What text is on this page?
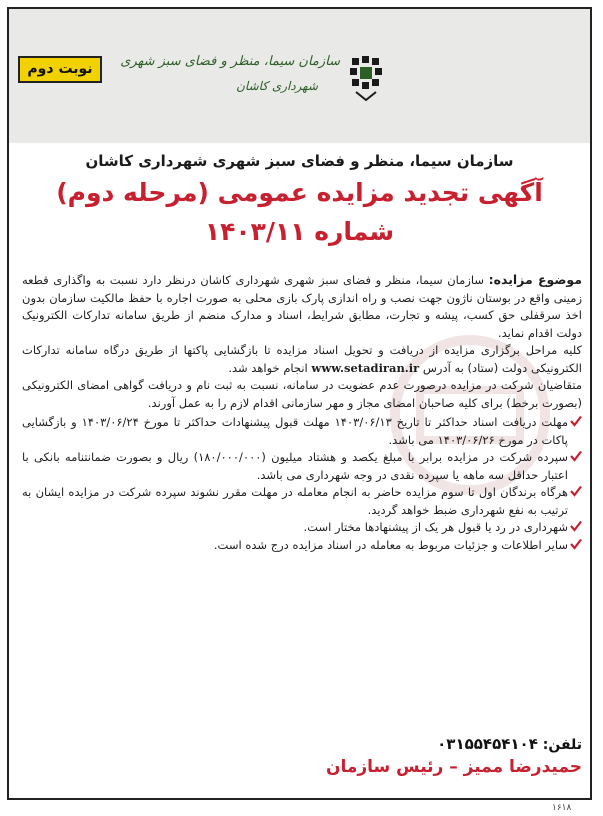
نوبت دوم	سازمان سیما، منظر و فضای سبز شهری
شهرداری کاشان
سازمان سیما، منظر و فضای سبز شهری شهرداری کاشان
آگهی تجدید مزایده عمومی (مرحله دوم)
شماره ۱۴۰۳/۱۱

موضوع مزایده: سازمان سیما، منظر و فضای سبز شهری شهرداری کاشان درنظر دارد نسبت به واگذاری قطعه زمینی واقع در بوستان ناژون جهت نصب و راه اندازی پارک بازی محلی به صورت اجاره با حفظ مالکیت سازمان بدون اخذ سرقفلی حق کسب، پیشه و تجارت، مطابق شرایط، اسناد و مدارک منضم از طریق سامانه تدارکات الکترونیک دولت اقدام نماید.

کلیه مراحل برگزاری مزایده از دریافت و تحویل اسناد مزایده تا بازگشایی پاکتها از طریق درگاه سامانه تدارکات الکترونیکی دولت (ستاد) به آدرس www.setadiran.ir انجام خواهد شد.

متقاضیان شرکت در مزایده درصورت عدم عضویت در سامانه، نسبت به ثبت نام و دریافت گواهی امضای الکترونیکی (بصورت برخط) برای کلیه صاحبان امضای مجاز و مهر سازمانی اقدام لازم را به عمل آورند.

مهلت دریافت اسناد حداکثر تا تاریخ ۱۴۰۳/۰۶/۱۳ مهلت قبول پیشنهادات حداکثر تا مورخ ۱۴۰۳/۰۶/۲۴ و بازگشایی پاکات در مورخ ۱۴۰۳/۰۶/۲۶ می باشد.
سپرده شرکت در مزایده برابر با مبلغ یکصد و هشتاد میلیون (۱۸۰/۰۰۰/۰۰۰) ریال و بصورت ضمانتنامه بانکی با اعتبار حداقل سه ماهه یا سپرده نقدی در وجه شهرداری می باشد.
هرگاه برندگان اول تا سوم مزایده حاضر به انجام معامله در مهلت مقرر نشوند سپرده شرکت در مزایده ایشان به ترتیب به نفع شهرداری ضبط خواهد گردید.
شهرداری در رد یا قبول هر یک از پیشنهادها مختار است.
سایر اطلاعات و جزئیات مربوط به معامله در اسناد مزایده درج شده است.
تلفن: ۰۳۱۵۵۴۵۴۱۰۴
حمیدرضا ممیز – رئیس سازمان
۱۶۱۸
